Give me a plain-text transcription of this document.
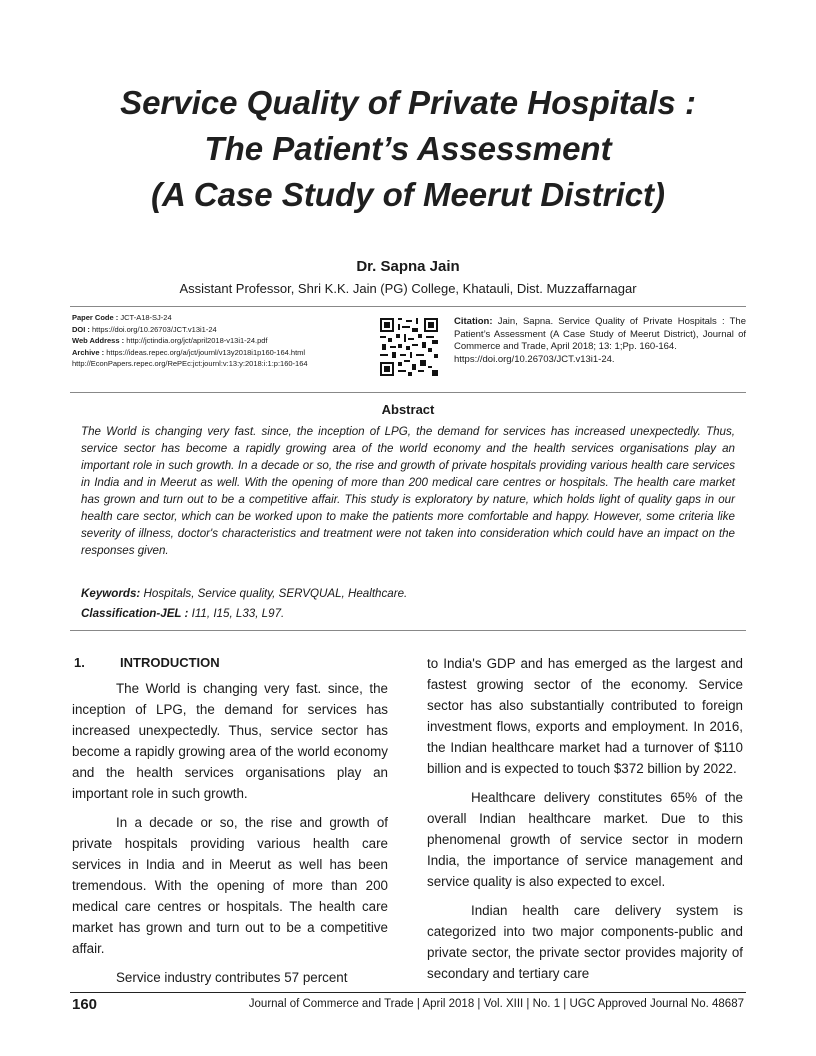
Service Quality of Private Hospitals :
The Patient’s Assessment
(A Case Study of Meerut District)
Dr. Sapna Jain
Assistant Professor, Shri K.K. Jain (PG) College, Khatauli, Dist. Muzzaffarnagar
Paper Code : JCT-A18-SJ-24
DOI : https://doi.org/10.26703/JCT.v13i1-24
Web Address : http://jctindia.org/jct/april2018-v13i1-24.pdf
Archive : https://ideas.repec.org/a/jct/journl/v13y2018i1p160-164.html
http://EconPapers.repec.org/RePEc:jct:journl:v:13:y:2018:i:1:p:160-164
Citation: Jain, Sapna. Service Quality of Private Hospitals : The Patient’s Assessment (A Case Study of Meerut District), Journal of Commerce and Trade, April 2018; 13: 1;Pp. 160-164.
https://doi.org/10.26703/JCT.v13i1-24.
Abstract
The World is changing very fast. since, the inception of LPG, the demand for services has increased unexpectedly. Thus, service sector has become a rapidly growing area of the world economy and the health services organisations play an important role in such growth. In a decade or so, the rise and growth of private hospitals providing various health care services in India and in Meerut as well. With the opening of more than 200 medical care centres or hospitals. The health care market has grown and turn out to be a competitive affair. This study is exploratory by nature, which holds light of quality gaps in our health care sector, which can be worked upon to make the patients more comfortable and happy. However, some criteria like severity of illness, doctor's characteristics and treatment were not taken into consideration which could have an impact on the responses given.
Keywords: Hospitals, Service quality, SERVQUAL, Healthcare.
Classification-JEL : I11, I15, L33, L97.
1.	INTRODUCTION

The World is changing very fast. since, the inception of LPG, the demand for services has increased unexpectedly. Thus, service sector has become a rapidly growing area of the world economy and the health services organisations play an important role in such growth.

In a decade or so, the rise and growth of private hospitals providing various health care services in India and in Meerut as well has been tremendous. With the opening of more than 200 medical care centres or hospitals. The health care market has grown and turn out to be a competitive affair.

Service industry contributes 57 percent

to India's GDP and has emerged as the largest and fastest growing sector of the economy. Service sector has also substantially contributed to foreign investment flows, exports and employment. In 2016, the Indian healthcare market had a turnover of $110 billion and is expected to touch $372 billion by 2022.

Healthcare delivery constitutes 65% of the overall Indian healthcare market. Due to this phenomenal growth of service sector in modern India, the importance of service management and service quality is also expected to excel.

Indian health care delivery system is categorized into two major components-public and private sector, the private sector provides majority of secondary and tertiary care

160	Journal of Commerce and Trade | April 2018 | Vol. XIII | No. 1 | UGC Approved Journal No. 48687
